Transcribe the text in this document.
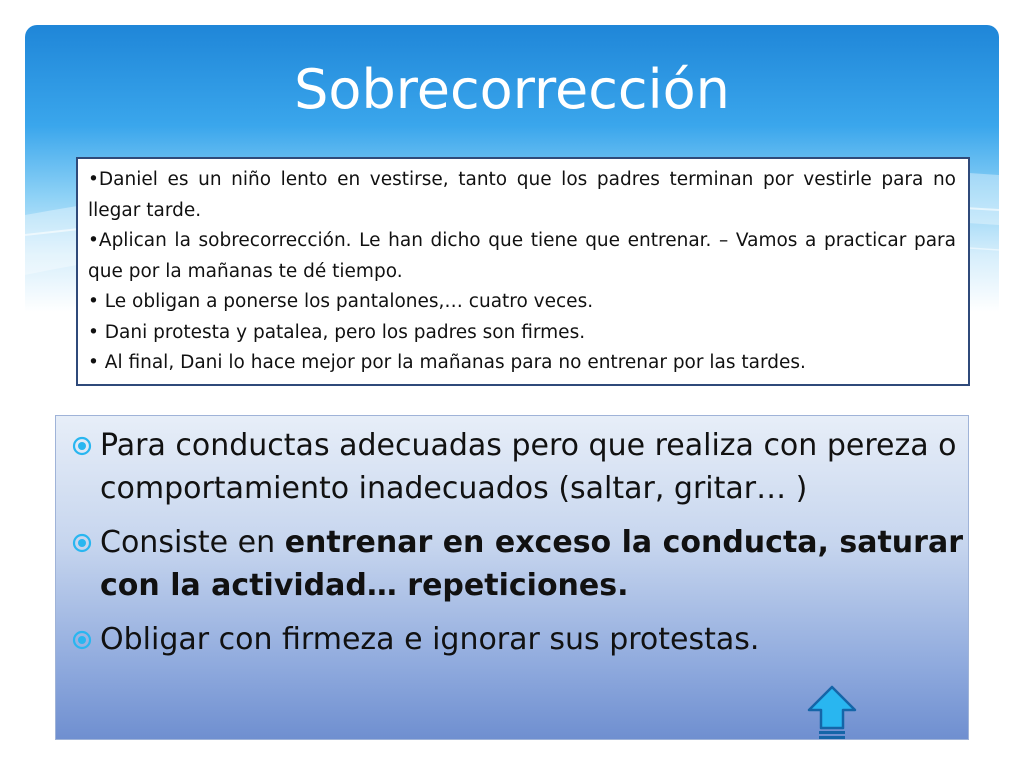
Sobrecorrección

•Daniel es un niño lento en vestirse, tanto que los padres terminan por vestirle para no llegar tarde.

•Aplican la sobrecorrección. Le han dicho que tiene que entrenar. – Vamos a practicar para que por la mañanas te dé tiempo.

• Le obligan a ponerse los pantalones,… cuatro veces.

• Dani protesta y patalea, pero los padres son firmes.

• Al final, Dani lo hace mejor por la mañanas para no entrenar por las tardes.

Para conductas adecuadas pero que realiza con pereza o comportamiento inadecuados (saltar, gritar… )
Consiste en entrenar en exceso la conducta, saturar con la actividad… repeticiones.
Obligar con firmeza e ignorar sus protestas.
